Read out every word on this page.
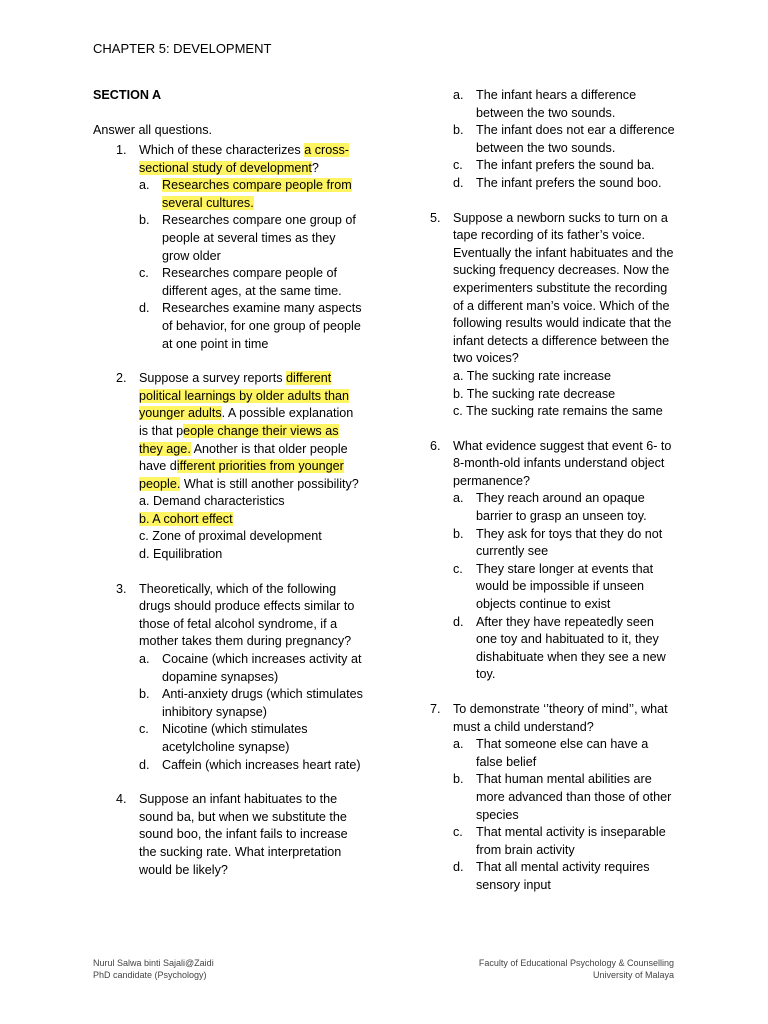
CHAPTER 5: DEVELOPMENT
SECTION A
Answer all questions.
1. Which of these characterizes a cross-sectional study of development?
a. Researches compare people from several cultures.
b. Researches compare one group of people at several times as they grow older
c. Researches compare people of different ages, at the same time.
d. Researches examine many aspects of behavior, for one group of people at one point in time
2. Suppose a survey reports different political learnings by older adults than younger adults. A possible explanation is that people change their views as they age. Another is that older people have different priorities from younger people. What is still another possibility?
a. Demand characteristics
b. A cohort effect
c. Zone of proximal development
d. Equilibration
3. Theoretically, which of the following drugs should produce effects similar to those of fetal alcohol syndrome, if a mother takes them during pregnancy?
a. Cocaine (which increases activity at dopamine synapses)
b. Anti-anxiety drugs (which stimulates inhibitory synapse)
c. Nicotine (which stimulates acetylcholine synapse)
d. Caffein (which increases heart rate)
4. Suppose an infant habituates to the sound ba, but when we substitute the sound boo, the infant fails to increase the sucking rate. What interpretation would be likely?
a. The infant hears a difference between the two sounds.
b. The infant does not ear a difference between the two sounds.
c. The infant prefers the sound ba.
d. The infant prefers the sound boo.
5. Suppose a newborn sucks to turn on a tape recording of its father’s voice. Eventually the infant habituates and the sucking frequency decreases. Now the experimenters substitute the recording of a different man’s voice. Which of the following results would indicate that the infant detects a difference between the two voices?
a. The sucking rate increase
b. The sucking rate decrease
c. The sucking rate remains the same
6. What evidence suggest that event 6- to 8-month-old infants understand object permanence?
a. They reach around an opaque barrier to grasp an unseen toy.
b. They ask for toys that they do not currently see
c. They stare longer at events that would be impossible if unseen objects continue to exist
d. After they have repeatedly seen one toy and habituated to it, they dishabituate when they see a new toy.
7. To demonstrate ‘’theory of mind’’, what must a child understand?
a. That someone else can have a false belief
b. That human mental abilities are more advanced than those of other species
c. That mental activity is inseparable from brain activity
d. That all mental activity requires sensory input
Nurul Salwa binti Sajali@Zaidi
PhD candidate (Psychology)
Faculty of Educational Psychology & Counselling
University of Malaya
